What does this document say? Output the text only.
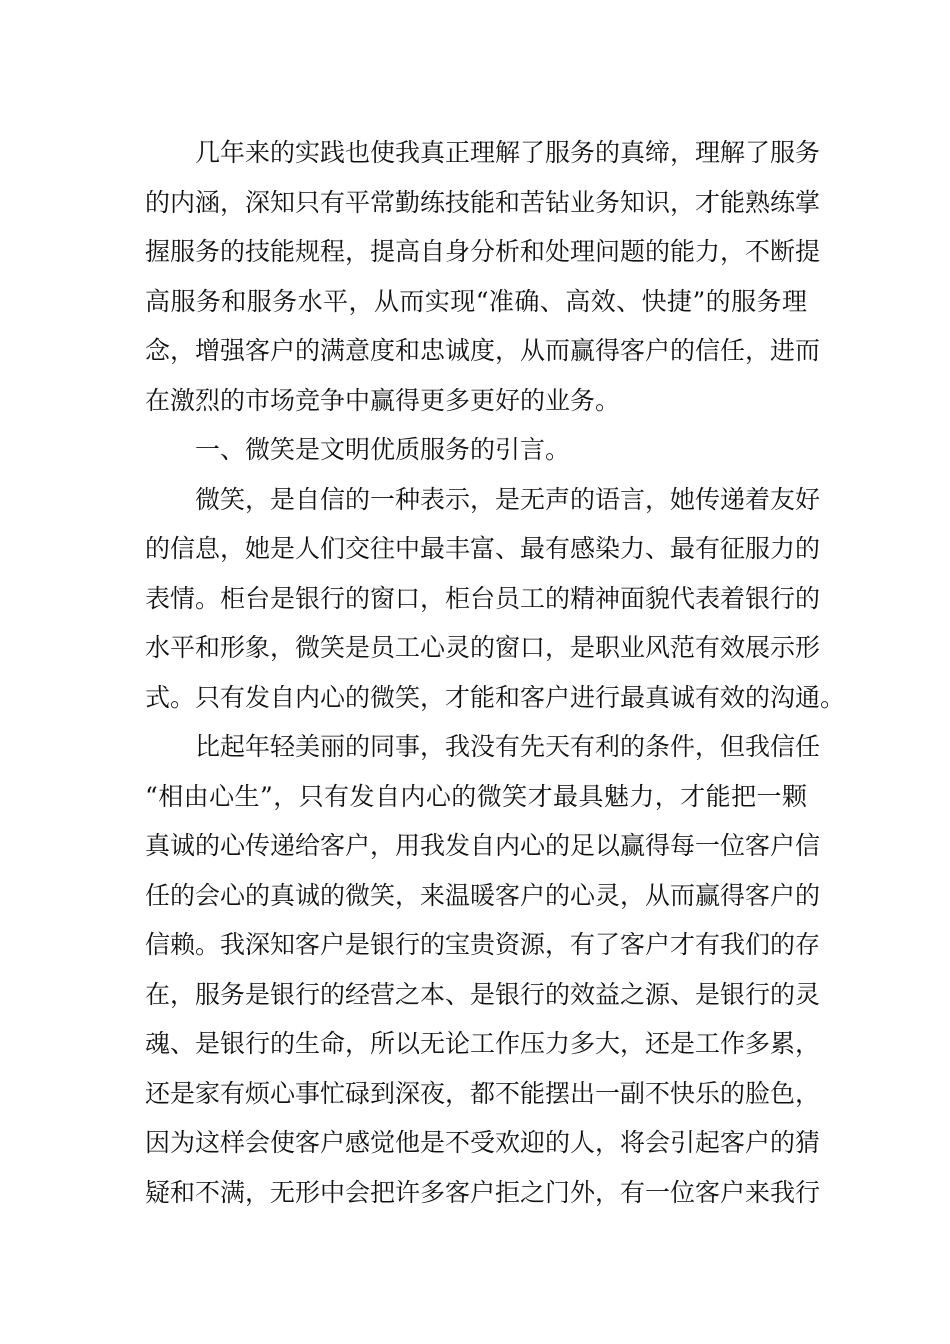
几年来的实践也使我真正理解了服务的真缔，理解了服务
的内涵，深知只有平常勤练技能和苦钻业务知识，才能熟练掌
握服务的技能规程，提高自身分析和处理问题的能力，不断提
高服务和服务水平，从而实现“准确、高效、快捷”的服务理
念，增强客户的满意度和忠诚度，从而赢得客户的信任，进而
在激烈的市场竞争中赢得更多更好的业务。
一、微笑是文明优质服务的引言。
微笑，是自信的一种表示，是无声的语言，她传递着友好
的信息，她是人们交往中最丰富、最有感染力、最有征服力的
表情。柜台是银行的窗口，柜台员工的精神面貌代表着银行的
水平和形象，微笑是员工心灵的窗口，是职业风范有效展示形
式。只有发自内心的微笑，才能和客户进行最真诚有效的沟通。
比起年轻美丽的同事，我没有先天有利的条件，但我信任
“相由心生”，只有发自内心的微笑才最具魅力，才能把一颗
真诚的心传递给客户，用我发自内心的足以赢得每一位客户信
任的会心的真诚的微笑，来温暖客户的心灵，从而赢得客户的
信赖。我深知客户是银行的宝贵资源，有了客户才有我们的存
在，服务是银行的经营之本、是银行的效益之源、是银行的灵
魂、是银行的生命，所以无论工作压力多大，还是工作多累，
还是家有烦心事忙碌到深夜，都不能摆出一副不快乐的脸色，
因为这样会使客户感觉他是不受欢迎的人，将会引起客户的猜
疑和不满，无形中会把许多客户拒之门外，有一位客户来我行
